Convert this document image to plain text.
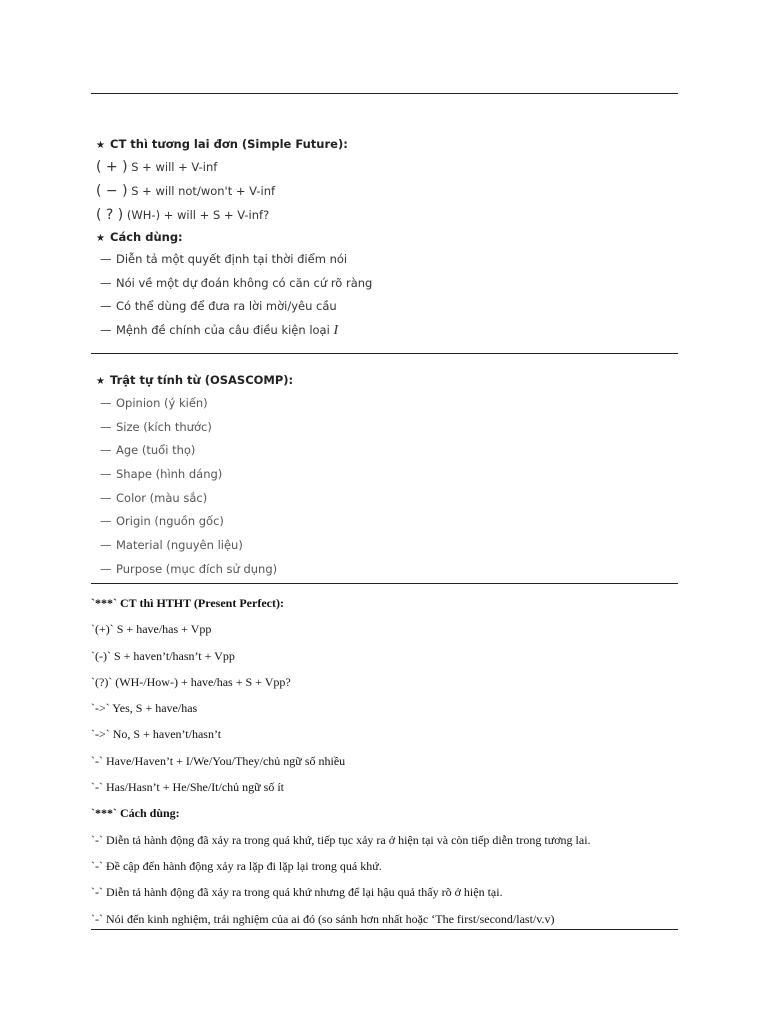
★ CT thì tương lai đơn (Simple Future):
( + ) S + will + V-inf
( − ) S + will not/won't + V-inf
( ? ) (WH-) + will + S + V-inf?
★ Cách dùng:
— Diễn tả một quyết định tại thời điểm nói
— Nói về một dự đoán không có căn cứ rõ ràng
— Có thể dùng để đưa ra lời mời/yêu cầu
— Mệnh đề chính của câu điều kiện loại I
★ Trật tự tính từ (OSASCOMP):
— Opinion (ý kiến)
— Size (kích thước)
— Age (tuổi thọ)
— Shape (hình dáng)
— Color (màu sắc)
— Origin (nguồn gốc)
— Material (nguyên liệu)
— Purpose (mục đích sử dụng)
`***` CT thì HTHT (Present Perfect):
`(+)` S + have/has + Vpp
`(-)` S + haven’t/hasn’t + Vpp
`(?)` (WH-/How-) + have/has + S + Vpp?
`->` Yes, S + have/has
`->` No, S + haven’t/hasn’t
`-` Have/Haven’t + I/We/You/They/chủ ngữ số nhiều
`-` Has/Hasn’t + He/She/It/chủ ngữ số ít
`***` Cách dùng:
`-` Diễn tả hành động đã xảy ra trong quá khứ, tiếp tục xảy ra ở hiện tại và còn tiếp diễn trong tương lai.
`-` Đề cập đến hành động xảy ra lặp đi lặp lại trong quá khứ.
`-` Diễn tả hành động đã xảy ra trong quá khứ nhưng để lại hậu quả thấy rõ ở hiện tại.
`-` Nói đến kinh nghiệm, trải nghiệm của ai đó (so sánh hơn nhất hoặc ‘The first/second/last/v.v)
